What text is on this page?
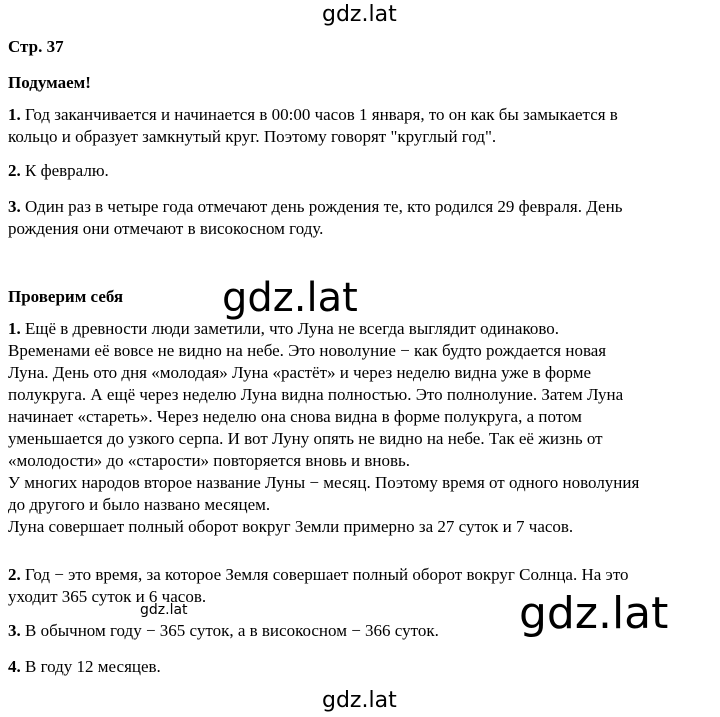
gdz.lat

Стр. 37

Подумаем!

1. Год заканчивается и начинается в 00:00 часов 1 января, то он как бы замыкается в
кольцо и образует замкнутый круг. Поэтому говорят "круглый год".

2. К февралю.

3. Один раз в четыре года отмечают день рождения те, кто родился 29 февраля. День
рождения они отмечают в високосном году.

Проверим себя gdz.lat

1. Ещё в древности люди заметили, что Луна не всегда выглядит одинаково.
Временами её вовсе не видно на небе. Это новолуние − как будто рождается новая
Луна. День ото дня «молодая» Луна «растёт» и через неделю видна уже в форме
полукруга. А ещё через неделю Луна видна полностью. Это полнолуние. Затем Луна
начинает «стареть». Через неделю она снова видна в форме полукруга, а потом
уменьшается до узкого серпа. И вот Луну опять не видно на небе. Так её жизнь от
«молодости» до «старости» повторяется вновь и вновь.
У многих народов второе название Луны − месяц. Поэтому время от одного новолуния
до другого и было названо месяцем.
Луна совершает полный оборот вокруг Земли примерно за 27 суток и 7 часов.

2. Год − это время, за которое Земля совершает полный оборот вокруг Солнца. На это
уходит 365 суток и 6 часов.

gdz.lat	gdz.lat

3. В обычном году − 365 суток, а в високосном − 366 суток.

4. В году 12 месяцев.

gdz.lat
